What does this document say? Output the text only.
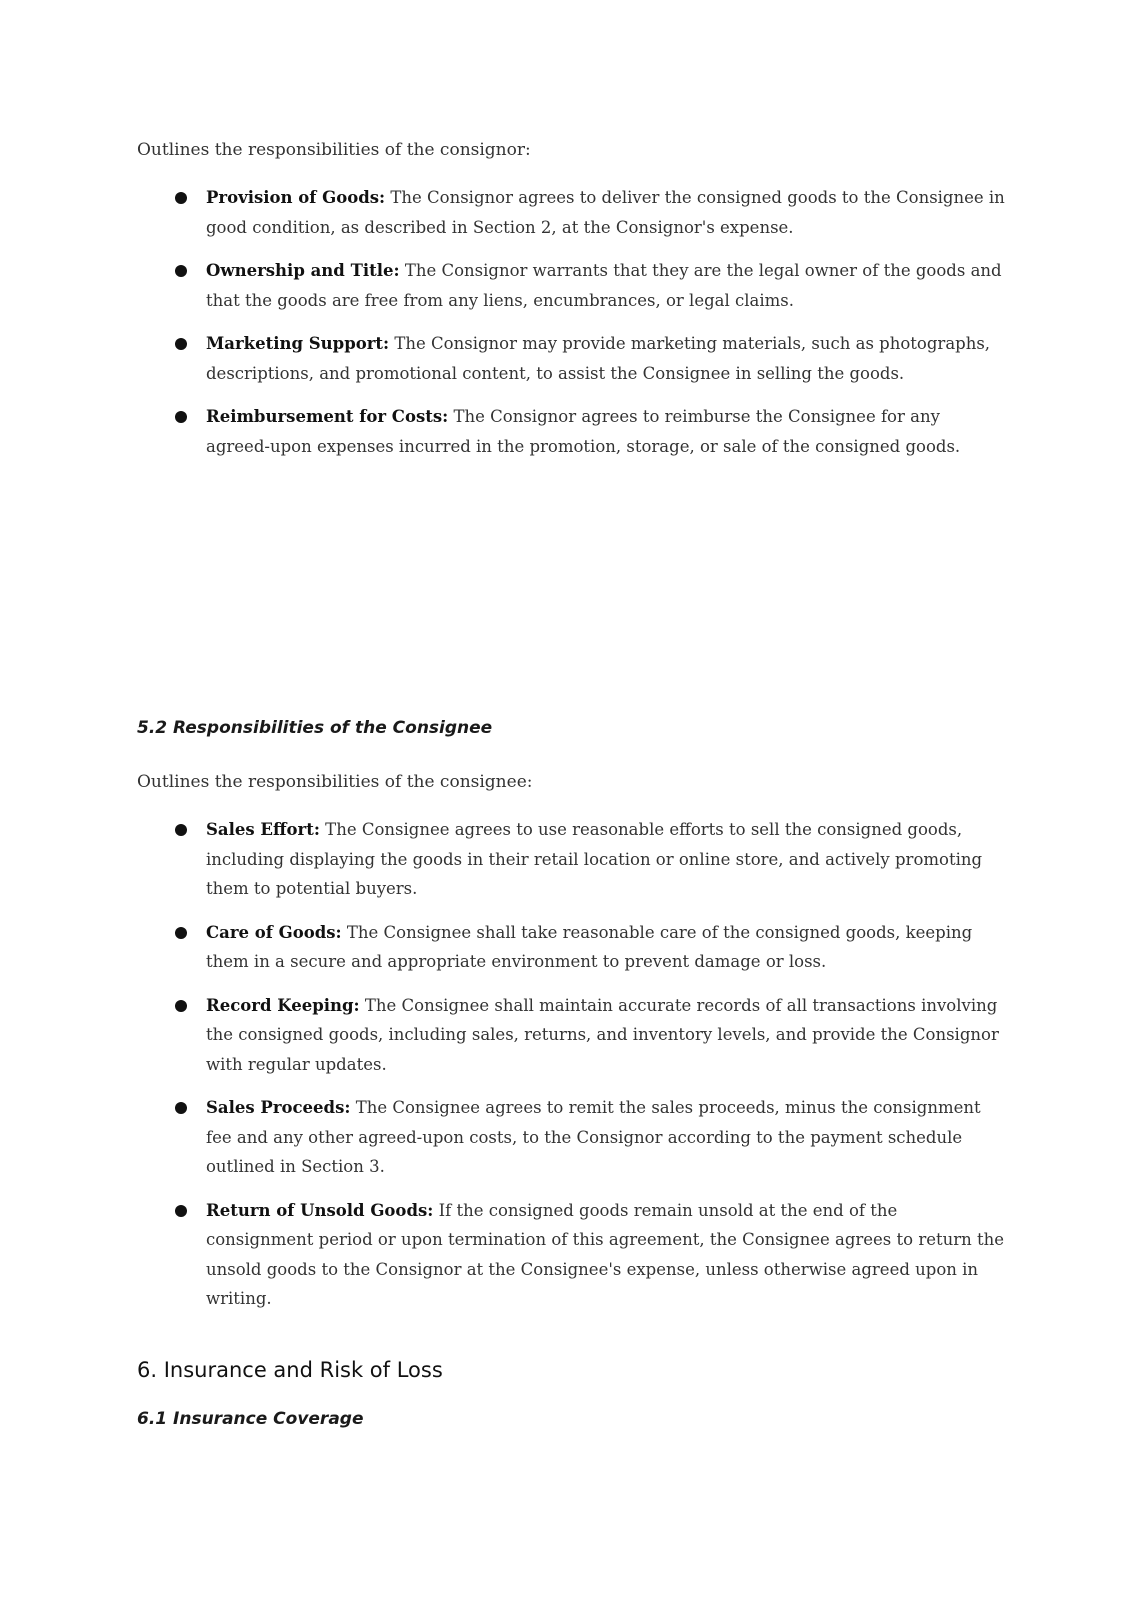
Outlines the responsibilities of the consignor:

Provision of Goods: The Consignor agrees to deliver the consigned goods to the Consignee in good condition, as described in Section 2, at the Consignor's expense.
Ownership and Title: The Consignor warrants that they are the legal owner of the goods and that the goods are free from any liens, encumbrances, or legal claims.
Marketing Support: The Consignor may provide marketing materials, such as photographs, descriptions, and promotional content, to assist the Consignee in selling the goods.
Reimbursement for Costs: The Consignor agrees to reimburse the Consignee for any agreed-upon expenses incurred in the promotion, storage, or sale of the consigned goods.
5.2 Responsibilities of the Consignee

Outlines the responsibilities of the consignee:

Sales Effort: The Consignee agrees to use reasonable efforts to sell the consigned goods, including displaying the goods in their retail location or online store, and actively promoting them to potential buyers.
Care of Goods: The Consignee shall take reasonable care of the consigned goods, keeping them in a secure and appropriate environment to prevent damage or loss.
Record Keeping: The Consignee shall maintain accurate records of all transactions involving the consigned goods, including sales, returns, and inventory levels, and provide the Consignor with regular updates.
Sales Proceeds: The Consignee agrees to remit the sales proceeds, minus the consignment fee and any other agreed-upon costs, to the Consignor according to the payment schedule outlined in Section 3.
Return of Unsold Goods: If the consigned goods remain unsold at the end of the consignment period or upon termination of this agreement, the Consignee agrees to return the unsold goods to the Consignor at the Consignee's expense, unless otherwise agreed upon in writing.
6. Insurance and Risk of Loss
6.1 Insurance Coverage
